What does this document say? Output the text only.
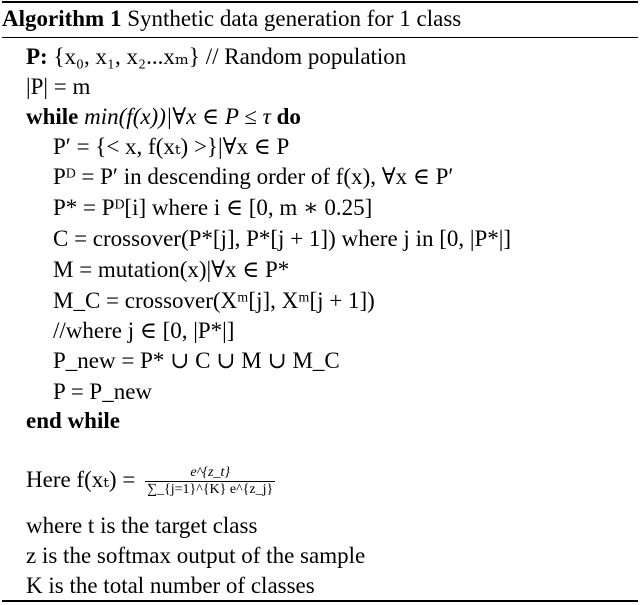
Algorithm 1 Synthetic data generation for 1 class
P: {x₀, x₁, x₂...xₘ} // Random population
|P| = m
while min(f(x))|∀x ∈ P ≤ τ do
P′ = {< x, f(xₜ) >}|∀x ∈ P
Pᴰ = P′ in descending order of f(x), ∀x ∈ P′
P* = Pᴰ[i] where i ∈ [0, m ∗ 0.25]
C = crossover(P*[j], P*[j + 1]) where j in [0, |P*|]
M = mutation(x)|∀x ∈ P*
M_C = crossover(Xᵐ[j], Xᵐ[j + 1])
//where j ∈ [0, |P*|]
P_new = P* ∪ C ∪ M ∪ M_C
P = P_new
end while
Here $f(x_t) = \frac{e\^{}\{z\_t\}}{\sum\_\{j=1\}\^{}\{K\} e\^{}\{z\_j\}}$
where t is the target class
z is the softmax output of the sample
K is the total number of classes
